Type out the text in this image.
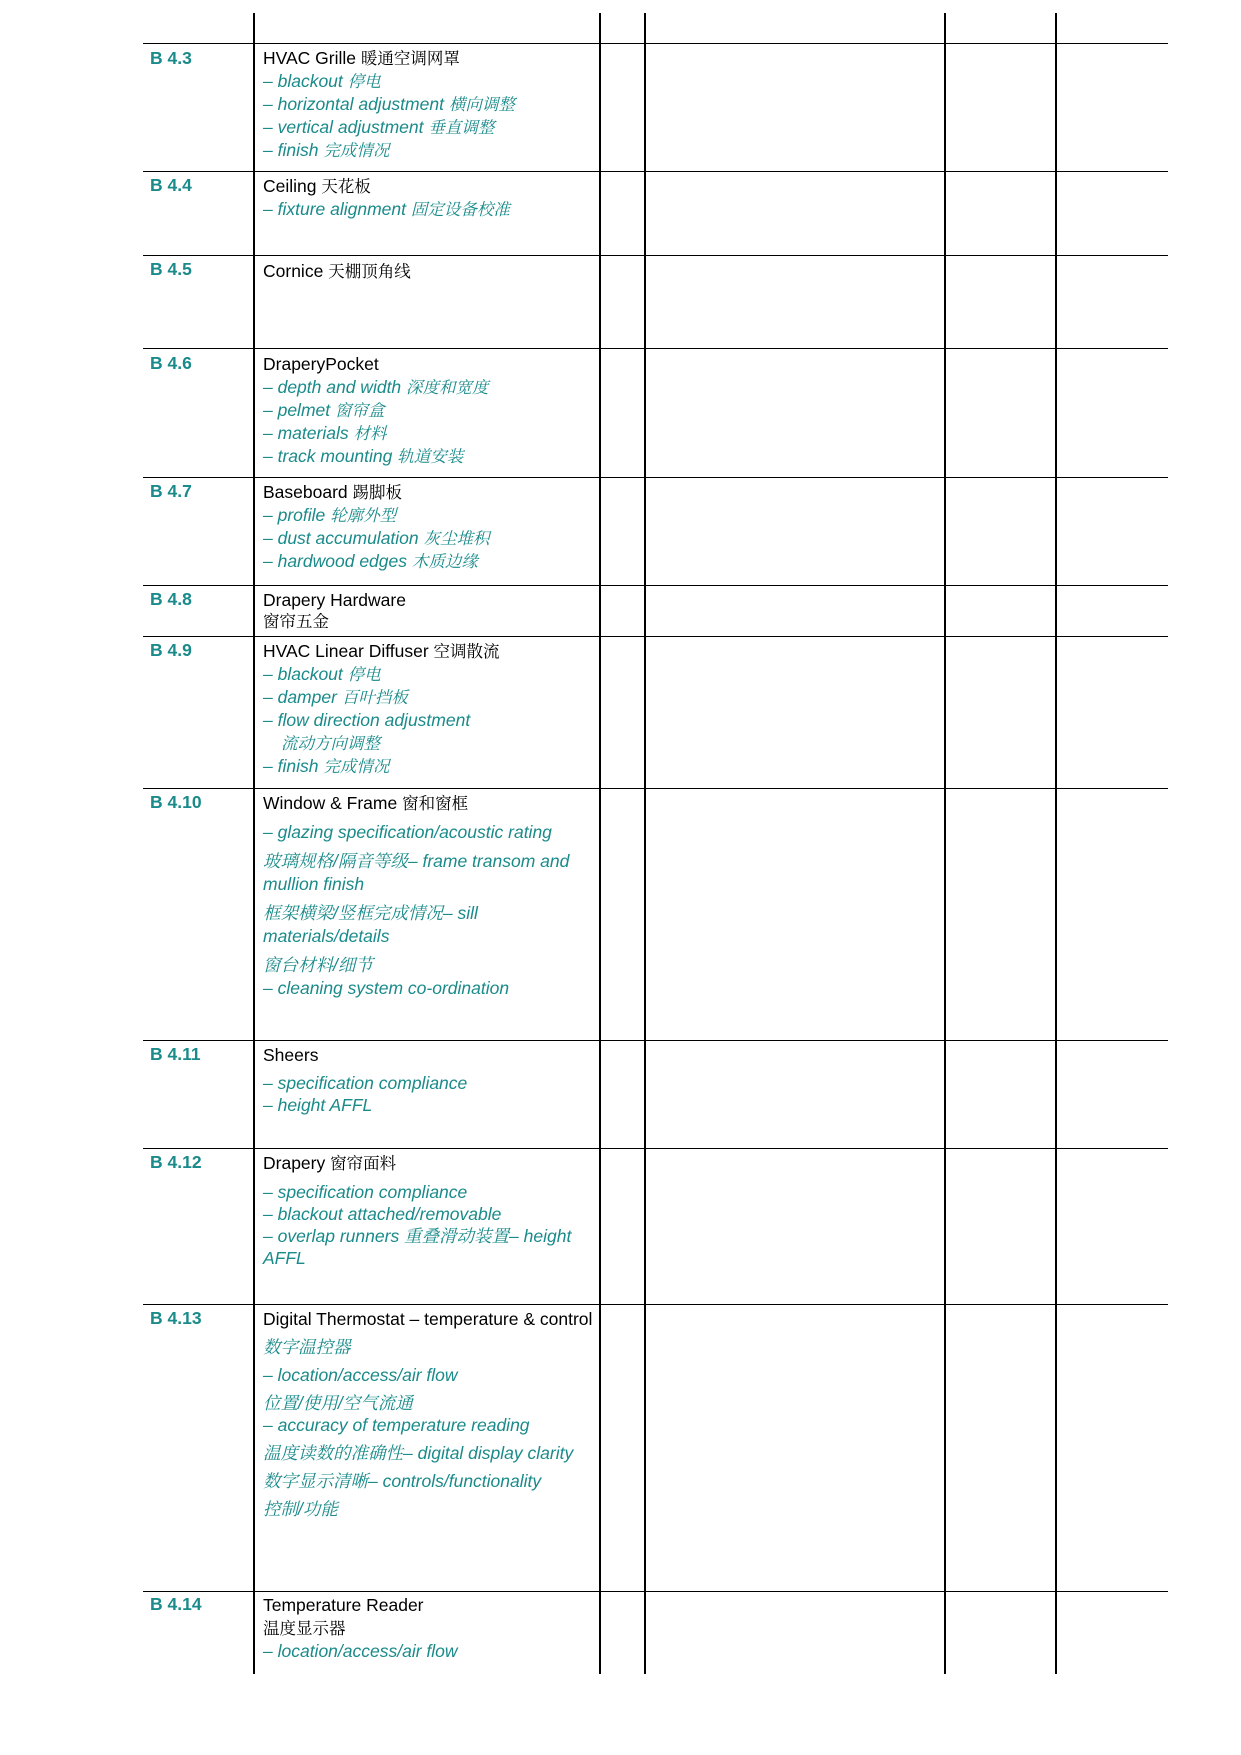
B 4.3	HVAC Grille 暖通空调网罩
– blackout 停电
– horizontal adjustment 横向调整
– vertical adjustment 垂直调整
– finish 完成情况
B 4.4	Ceiling 天花板
– fixture alignment 固定设备校准
B 4.5	Cornice 天棚顶角线
B 4.6	DraperyPocket
– depth and width 深度和宽度
– pelmet 窗帘盒
– materials 材料
– track mounting 轨道安装
B 4.7	Baseboard 踢脚板
– profile 轮廓外型
– dust accumulation 灰尘堆积
– hardwood edges 木质边缘
B 4.8	Drapery Hardware
窗帘五金
B 4.9	HVAC Linear Diffuser 空调散流
– blackout 停电
– damper 百叶挡板
– flow direction adjustment
流动方向调整
– finish 完成情况
B 4.10	Window & Frame 窗和窗框
– glazing specification/acoustic rating
玻璃规格/隔音等级– frame transom and mullion finish
框架横梁/竖框完成情况– sill materials/details
窗台材料/细节
– cleaning system co-ordination
B 4.11	Sheers
– specification compliance
– height AFFL
B 4.12	Drapery 窗帘面料
– specification compliance
– blackout attached/removable
– overlap runners 重叠滑动装置– height AFFL
B 4.13	Digital Thermostat – temperature & control
数字温控器
– location/access/air flow
位置/使用/空气流通
– accuracy of temperature reading
温度读数的准确性– digital display clarity
数字显示清晰– controls/functionality
控制/功能
B 4.14	Temperature Reader
温度显示器
– location/access/air flow
